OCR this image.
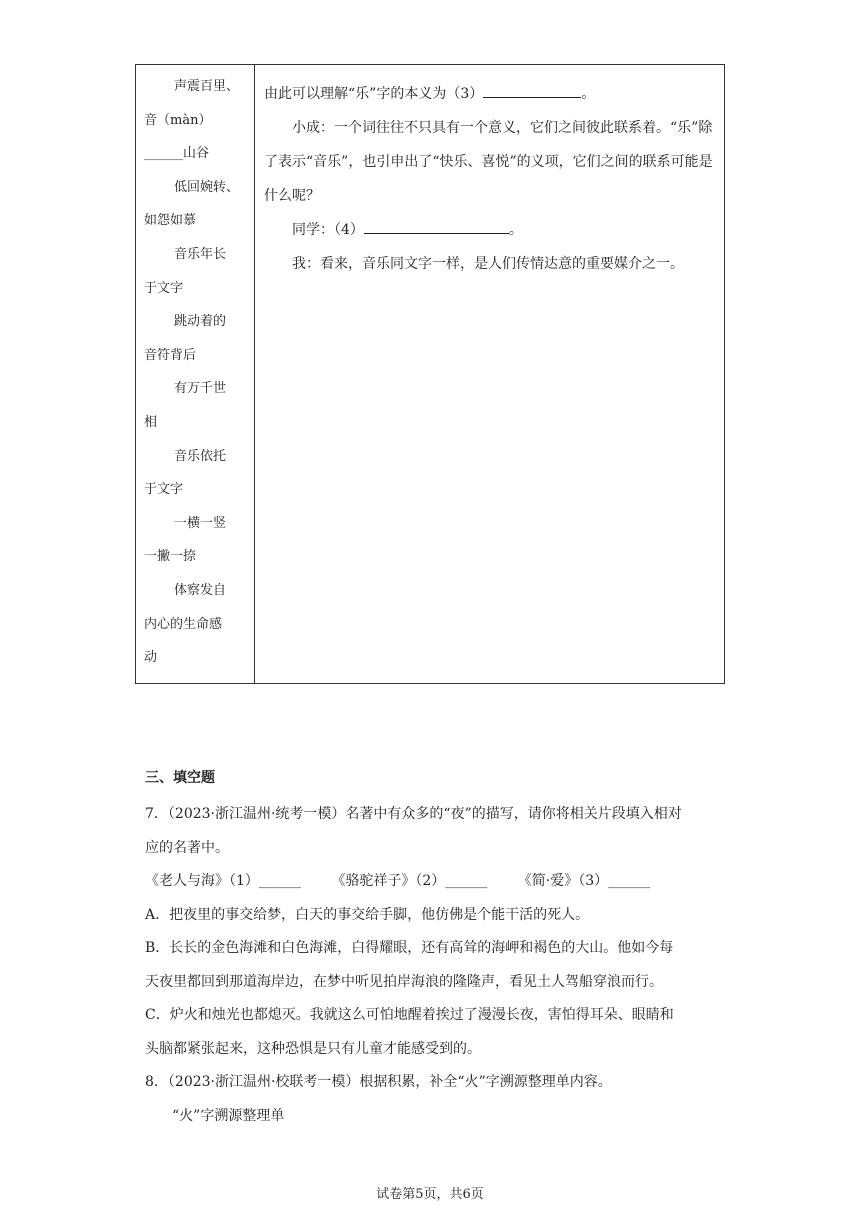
声震百里、
音（màn）
______山谷
低回婉转、
如怨如慕
音乐年长
于文字
跳动着的
音符背后
有万千世
相
音乐依托
于文字
一横一竖
一撇一捺
体察发自
内心的生命感
动
由此可以理解“乐”字的本义为（3）	。
小成：一个词往往不只具有一个意义，它们之间彼此联系着。“乐”除了表示“音乐”，也引申出了“快乐、喜悦”的义项，它们之间的联系可能是什么呢？
同学：（4）	。
我：看来，音乐同文字一样，是人们传情达意的重要媒介之一。
三、填空题
7．（2023·浙江温州·统考一模）名著中有众多的“夜”的描写，请你将相关片段填入相对
应的名著中。
《老人与海》（1）______ 《骆驼祥子》（2）______ 《简·爱》（3）______
A．把夜里的事交给梦，白天的事交给手脚，他仿佛是个能干活的死人。
B．长长的金色海滩和白色海滩，白得耀眼，还有高耸的海岬和褐色的大山。他如今每
天夜里都回到那道海岸边，在梦中听见拍岸海浪的隆隆声，看见土人驾船穿浪而行。
C．炉火和烛光也都熄灭。我就这么可怕地醒着挨过了漫漫长夜，害怕得耳朵、眼睛和
头脑都紧张起来，这种恐惧是只有儿童才能感受到的。
8．（2023·浙江温州·校联考一模）根据积累，补全“火”字溯源整理单内容。
“火”字溯源整理单
试卷第5页，共6页
